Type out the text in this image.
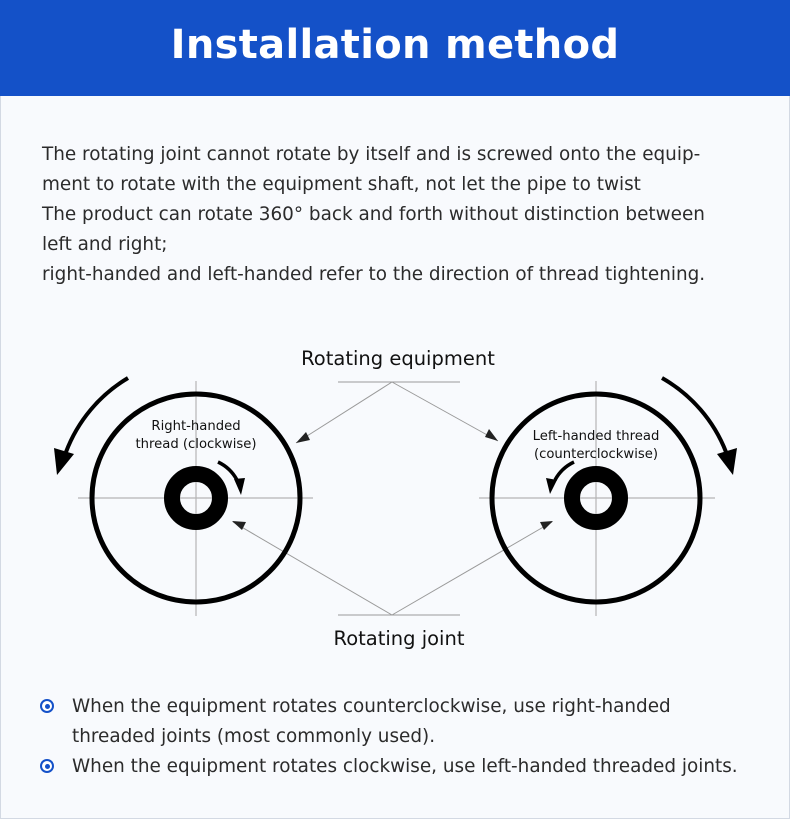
Installation method

The rotating joint cannot rotate by itself and is screwed onto the equip-

ment to rotate with the equipment shaft, not let the pipe to twist

The product can rotate 360° back and forth without distinction between

left and right;

right-handed and left-handed refer to the direction of thread tightening.

Rotating equipment
Rotating joint
Right-handed
thread (clockwise)
Left-handed thread
(counterclockwise)
When the equipment rotates counterclockwise, use right-handed
threaded joints (most commonly used).
When the equipment rotates clockwise, use left-handed threaded joints.
